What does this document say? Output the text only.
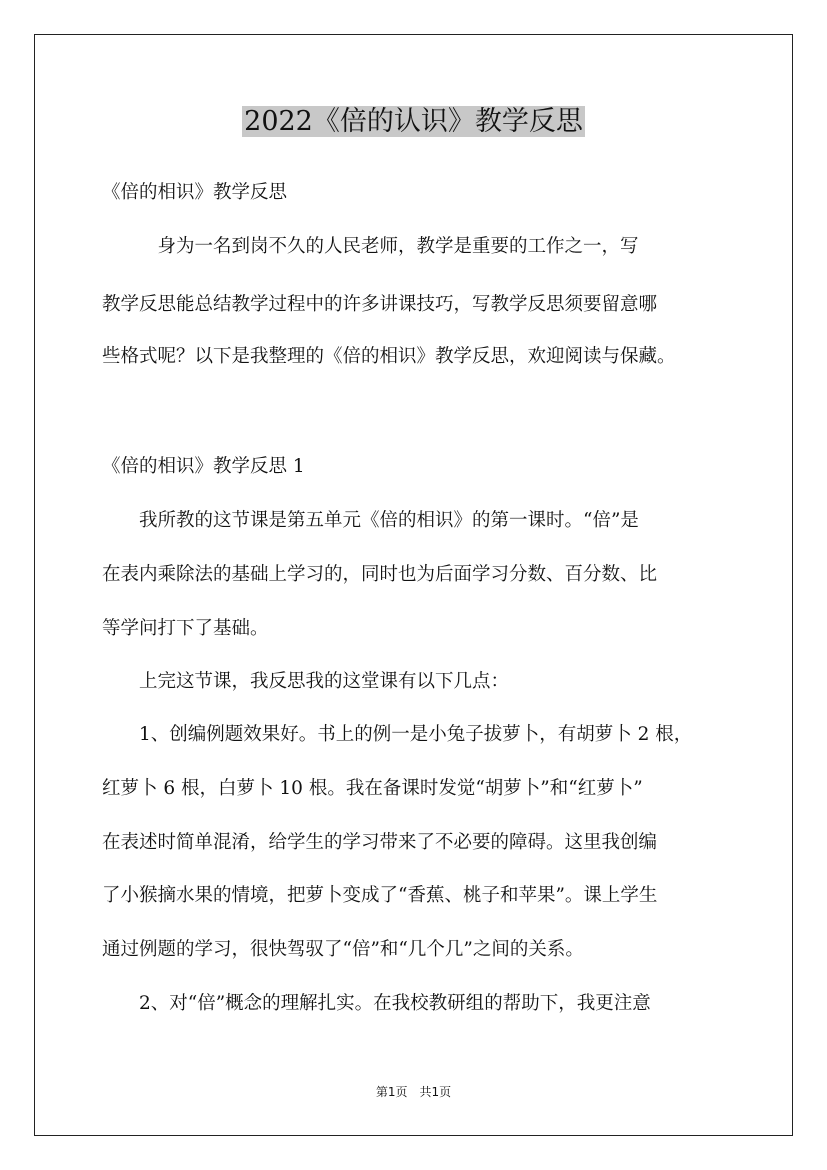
2022《倍的认识》教学反思
《倍的相识》教学反思
　　　身为一名到岗不久的人民老师，教学是重要的工作之一，写
教学反思能总结教学过程中的许多讲课技巧，写教学反思须要留意哪
些格式呢？以下是我整理的《倍的相识》教学反思，欢迎阅读与保藏。
《倍的相识》教学反思 1
　　我所教的这节课是第五单元《倍的相识》的第一课时。“倍”是
在表内乘除法的基础上学习的，同时也为后面学习分数、百分数、比
等学问打下了基础。
　　上完这节课，我反思我的这堂课有以下几点：
　　1、创编例题效果好。书上的例一是小兔子拔萝卜，有胡萝卜 2 根，
红萝卜 6 根，白萝卜 10 根。我在备课时发觉“胡萝卜”和“红萝卜”
在表述时简单混淆，给学生的学习带来了不必要的障碍。这里我创编
了小猴摘水果的情境，把萝卜变成了“香蕉、桃子和苹果”。课上学生
通过例题的学习，很快驾驭了“倍”和“几个几”之间的关系。
　　2、对“倍”概念的理解扎实。在我校教研组的帮助下，我更注意
第1页　共1页
